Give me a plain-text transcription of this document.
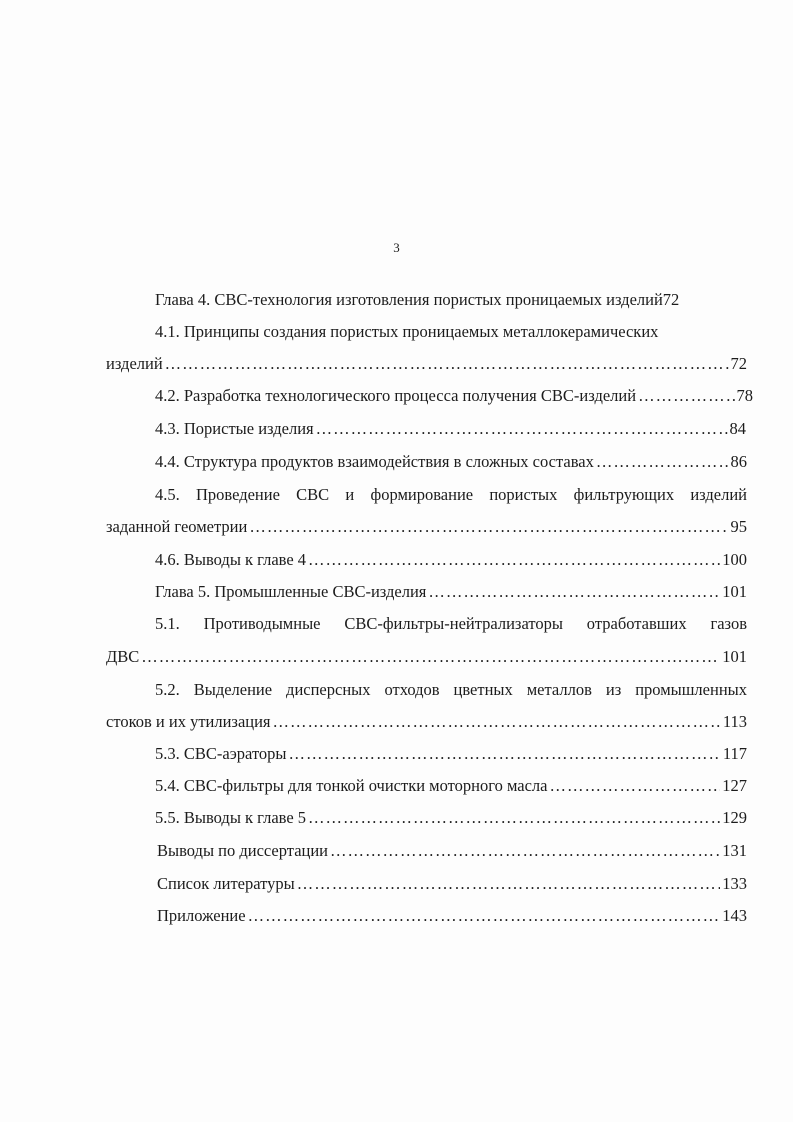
3
Глава 4. СВС-технология изготовления пористых проницаемых изделий72
4.1. Принципы создания пористых проницаемых металлокерамических
изделий …………………………………………………………………………………………………………………………………………………………………………………………	72
4.2. Разработка технологического процесса получения СВС-изделий …………………………………………………………………………………………………………………………………………………………………………………………	78
4.3. Пористые изделия …………………………………………………………………………………………………………………………………………………………………………………………	84
4.4. Структура продуктов взаимодействия в сложных составах …………………………………………………………………………………………………………………………………………………………………………………………	86
4.5. Проведение СВС и формирование пористых фильтрующих изделий
заданной геометрии …………………………………………………………………………………………………………………………………………………………………………………………	95
4.6. Выводы к главе 4 …………………………………………………………………………………………………………………………………………………………………………………………	100
Глава 5. Промышленные СВС-изделия …………………………………………………………………………………………………………………………………………………………………………………………	101
5.1. Противодымные СВС-фильтры-нейтрализаторы отработавших газов
ДВС …………………………………………………………………………………………………………………………………………………………………………………………	101
5.2. Выделение дисперсных отходов цветных металлов из промышленных
стоков и их утилизация …………………………………………………………………………………………………………………………………………………………………………………………	113
5.3. СВС-аэраторы …………………………………………………………………………………………………………………………………………………………………………………………	117
5.4. СВС-фильтры для тонкой очистки моторного масла …………………………………………………………………………………………………………………………………………………………………………………………	127
5.5. Выводы к главе 5 …………………………………………………………………………………………………………………………………………………………………………………………	129
Выводы по диссертации …………………………………………………………………………………………………………………………………………………………………………………………	131
Список литературы …………………………………………………………………………………………………………………………………………………………………………………………	133
Приложение …………………………………………………………………………………………………………………………………………………………………………………………	143
